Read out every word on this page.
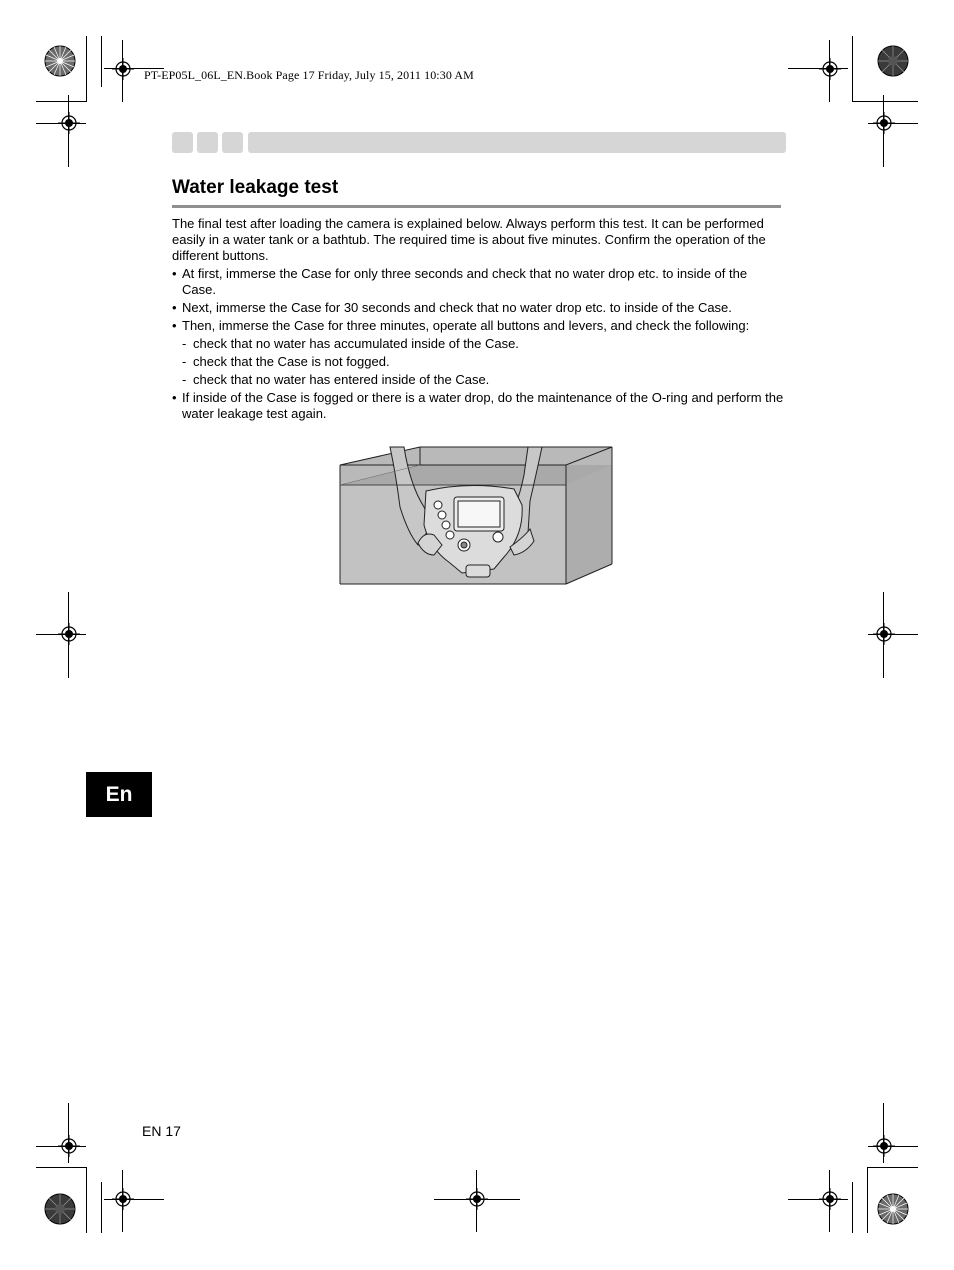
PT-EP05L_06L_EN.Book Page 17 Friday, July 15, 2011 10:30 AM
Water leakage test

The final test after loading the camera is explained below. Always perform this test. It can be performed easily in a water tank or a bathtub. The required time is about five minutes. Confirm the operation of the different buttons.

• At first, immerse the Case for only three seconds and check that no water drop etc. to inside of the Case.
• Next, immerse the Case for 30 seconds and check that no water drop etc. to inside of the Case.
• Then, immerse the Case for three minutes, operate all buttons and levers, and check the following:
- check that no water has accumulated inside of the Case.
- check that the Case is not fogged.
- check that no water has entered inside of the Case.
• If inside of the Case is fogged or there is a water drop, do the maintenance of the O-ring and perform the water leakage test again.
En
EN 17
